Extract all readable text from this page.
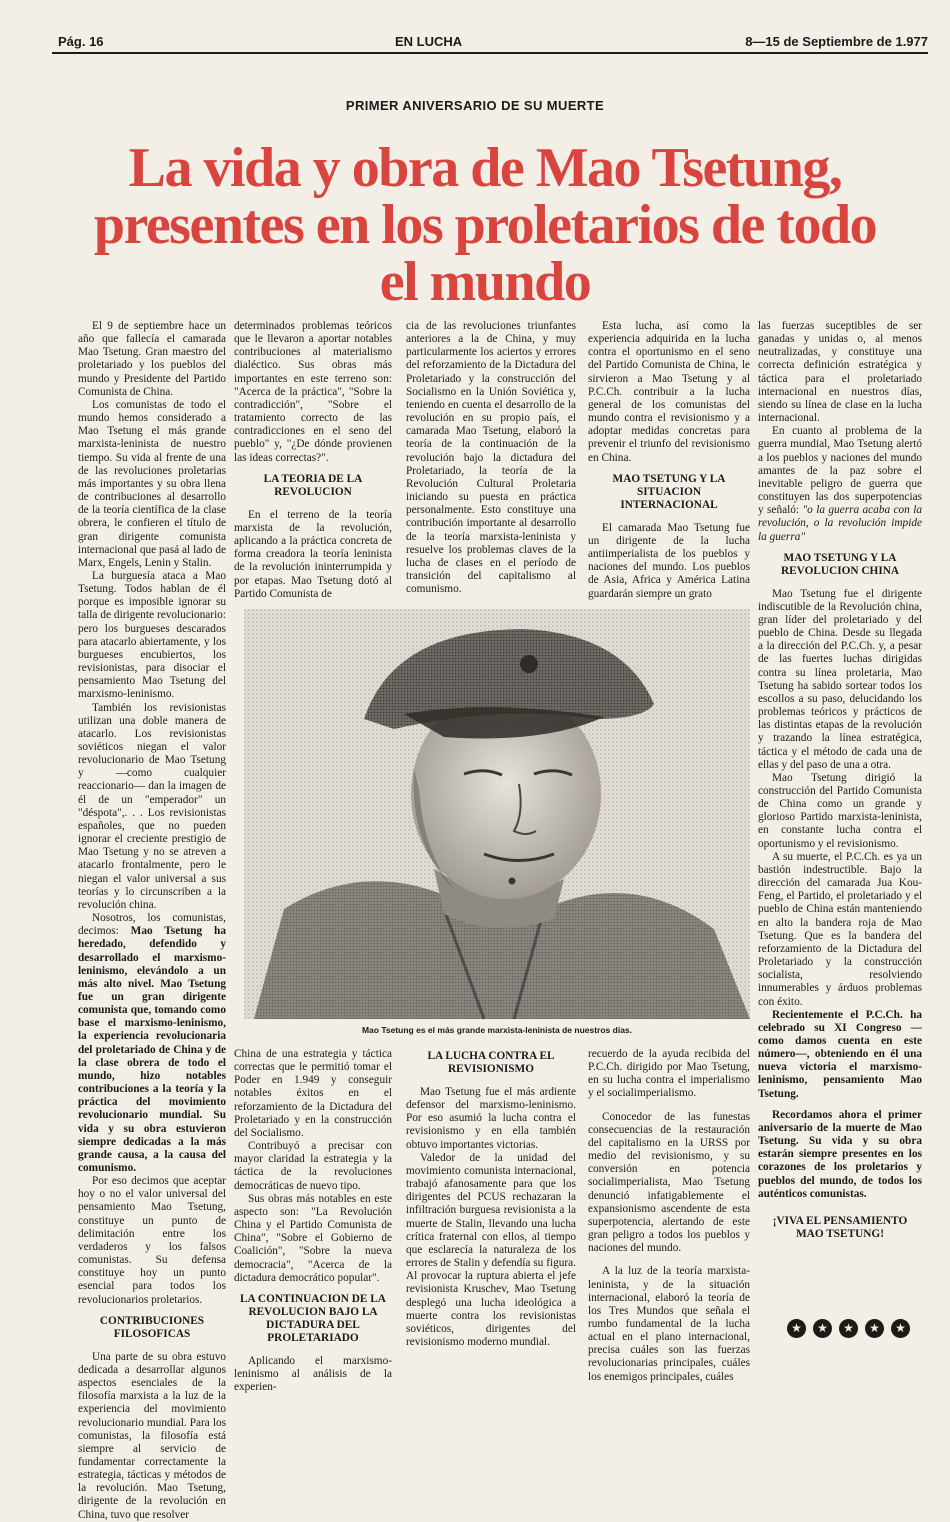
Pág. 16	EN LUCHA	8—15 de Septiembre de 1.977
PRIMER ANIVERSARIO DE SU MUERTE
La vida y obra de Mao Tsetung,
presentes en los proletarios de todo
el mundo

El 9 de septiembre hace un año que fallecía el camarada Mao Tsetung. Gran maestro del proletariado y los pueblos del mundo y Presidente del Partido Comunista de China.

Los comunistas de todo el mundo hemos considerado a Mao Tsetung el más grande marxista-leninista de nuestro tiempo. Su vida al frente de una de las revoluciones proletarias más importantes y su obra llena de contribuciones al desarrollo de la teoría científica de la clase obrera, le confieren el título de gran dirigente comunista internacional que pasá al lado de Marx, Engels, Lenin y Stalin.

La burguesía ataca a Mao Tsetung. Todos hablan de él porque es imposible ignorar su talla de dirigente revolucionario: pero los burgueses descarados para atacarlo abiertamente, y los burgueses encubiertos, los revisionistas, para disociar el pensamiento Mao Tsetung del marxismo-leninismo.

También los revisionistas utilizan una doble manera de atacarlo. Los revisionistas soviéticos niegan el valor revolucionario de Mao Tsetung y —como cualquier reaccionario— dan la imagen de él de un "emperador" un "déspota",. . . Los revisionistas españoles, que no pueden ignorar el creciente prestigio de Mao Tsetung y no se atreven a atacarlo frontalmente, pero le niegan el valor universal a sus teorías y lo circunscriben a la revolución china.

Nosotros, los comunistas, decimos: Mao Tsetung ha heredado, defendido y desarrollado el marxismo-leninismo, elevándolo a un más alto nivel. Mao Tsetung fue un gran dirigente comunista que, tomando como base el marxismo-leninismo, la experiencia revolucionaria del proletariado de China y de la clase obrera de todo el mundo, hizo notables contribuciones a la teoría y la práctica del movimiento revolucionario mundial. Su vida y su obra estuvieron siempre dedicadas a la más grande causa, a la causa del comunismo.

Por eso decimos que aceptar hoy o no el valor universal del pensamiento Mao Tsetung, constituye un punto de delimitación entre los verdaderos y los falsos comunistas. Su defensa constituye hoy un punto esencial para todos los revolucionarios proletarios.

CONTRIBUCIONES FILOSOFICAS

Una parte de su obra estuvo dedicada a desarrollar algunos aspectos esenciales de la filosofía marxista a la luz de la experiencia del movimiento revolucionario mundial. Para los comunistas, la filosofía está siempre al servicio de fundamentar correctamente la estrategia, tácticas y métodos de la revolución. Mao Tsetung, dirigente de la revolución en China, tuvo que resolver

determinados problemas teóricos que le llevaron a aportar notables contribuciones al materialismo dialéctico. Sus obras más importantes en este terreno son: "Acerca de la práctica", "Sobre la contradicción", "Sobre el tratamiento correcto de las contradicciones en el seno del pueblo" y, "¿De dónde provienen las ideas correctas?".

LA TEORIA DE LA REVOLUCION

En el terreno de la teoría marxista de la revolución, aplicando a la práctica concreta de forma creadora la teoría leninista de la revolución ininterrumpida y por etapas. Mao Tsetung dotó al Partido Comunista de

cia de las revoluciones triunfantes anteriores a la de China, y muy particularmente los aciertos y errores del reforzamiento de la Dictadura del Proletariado y la construcción del Socialismo en la Unión Soviética y, teniendo en cuenta el desarrollo de la revolución en su propio país, el camarada Mao Tsetung, elaboró la teoría de la continuación de la revolución bajo la dictadura del Proletariado, la teoría de la Revolución Cultural Proletaria iniciando su puesta en práctica personalmente. Esto constituye una contribución importante al desarrollo de la teoría marxista-leninista y resuelve los problemas claves de la lucha de clases en el período de transición del capitalismo al comunismo.

Esta lucha, así como la experiencia adquirida en la lucha contra el oportunismo en el seno del Partido Comunista de China, le sirvieron a Mao Tsetung y al P.C.Ch. contribuir a la lucha general de los comunistas del mundo contra el revisionismo y a adoptar medidas concretas para prevenir el triunfo del revisionismo en China.

MAO TSETUNG Y LA SITUACION INTERNACIONAL

El camarada Mao Tsetung fue un dirigente de la lucha antiimperialista de los pueblos y naciones del mundo. Los pueblos de Asia, Africa y América Latina guardarán siempre un grato

las fuerzas suceptibles de ser ganadas y unidas o, al menos neutralizadas, y constituye una correcta definición estratégica y táctica para el proletariado internacional en nuestros días, siendo su línea de clase en la lucha internacional.

En cuanto al problema de la guerra mundial, Mao Tsetung alertó a los pueblos y naciones del mundo amantes de la paz sobre el inevitable peligro de guerra que constituyen las dos superpotencias y señaló: "o la guerra acaba con la revolución, o la revolución impide la guerra"

MAO TSETUNG Y LA REVOLUCION CHINA

Mao Tsetung fue el dirigente indiscutible de la Revolución china, gran líder del proletariado y del pueblo de China. Desde su llegada a la dirección del P.C.Ch. y, a pesar de las fuertes luchas dirigidas contra su línea proletaria, Mao Tsetung ha sabido sortear todos los escollos a su paso, delucidando los problemas teóricos y prácticos de las distintas etapas de la revolución y trazando la línea estratégica, táctica y el método de cada una de ellas y del paso de una a otra.

Mao Tsetung dirigió la construcción del Partido Comunista de China como un grande y glorioso Partido marxista-leninista, en constante lucha contra el oportunismo y el revisionismo.

A su muerte, el P.C.Ch. es ya un bastión indestructible. Bajo la dirección del camarada Jua Kou-Feng, el Partido, el proletariado y el pueblo de China están manteniendo en alto la bandera roja de Mao Tsetung. Que es la bandera del reforzamiento de la Dictadura del Proletariado y la construcción socialista, resolviendo innumerables y árduos problemas con éxito.

Recientemente el P.C.Ch. ha celebrado su XI Congreso —como damos cuenta en este número—, obteniendo en él una nueva victoria el marxismo-leninismo, pensamiento Mao Tsetung.

Recordamos ahora el primer aniversario de la muerte de Mao Tsetung. Su vida y su obra estarán siempre presentes en los corazones de los proletarios y pueblos del mundo, de todos los auténticos comunistas.

¡VIVA EL PENSAMIENTO MAO TSETUNG!
Mao Tsetung es el más grande marxista-leninista de nuestros días.

China de una estrategia y táctica correctas que le permitió tomar el Poder en 1.949 y conseguir notables éxitos en el reforzamiento de la Dictadura del Proletariado y en la construcción del Socialismo.

Contribuyó a precisar con mayor claridad la estrategia y la táctica de la revoluciones democráticas de nuevo tipo.

Sus obras más notables en este aspecto son: "La Revolución China y el Partido Comunista de China", "Sobre el Gobierno de Coalición", "Sobre la nueva democracia", "Acerca de la dictadura democrático popular".

LA CONTINUACION DE LA REVOLUCION BAJO LA DICTADURA DEL PROLETARIADO

Aplicando el marxismo-leninismo al análisis de la experien-

LA LUCHA CONTRA EL REVISIONISMO

Mao Tsetung fue el más ardiente defensor del marxismo-leninismo. Por eso asumió la lucha contra el revisionismo y en ella también obtuvo importantes victorias.

Valedor de la unidad del movimiento comunista internacional, trabajó afanosamente para que los dirigentes del PCUS rechazaran la infiltración burguesa revisionista a la muerte de Stalin, llevando una lucha crítica fraternal con ellos, al tiempo que esclarecía la naturaleza de los errores de Stalin y defendía su figura. Al provocar la ruptura abierta el jefe revisionista Kruschev, Mao Tsetung desplegó una lucha ideológica a muerte contra los revisionistas soviéticos, dirigentes del revisionismo moderno mundial.

recuerdo de la ayuda recibida del P.C.Ch. dirigido por Mao Tsetung, en su lucha contra el imperialismo y el socialimperialismo.

Conocedor de las funestas consecuencias de la restauración del capitalismo en la URSS por medio del revisionismo, y su conversión en potencia socialimperialista, Mao Tsetung denunció infatigablemente el expansionismo ascendente de esta superpotencia, alertando de este gran peligro a todos los pueblos y naciones del mundo.

A la luz de la teoría marxista-leninista, y de la situación internacional, elaboró la teoría de los Tres Mundos que señala el rumbo fundamental de la lucha actual en el plano internacional, precisa cuáles son las fuerzas revolucionarias principales, cuáles los enemigos principales, cuáles

★	★	★	★	★
